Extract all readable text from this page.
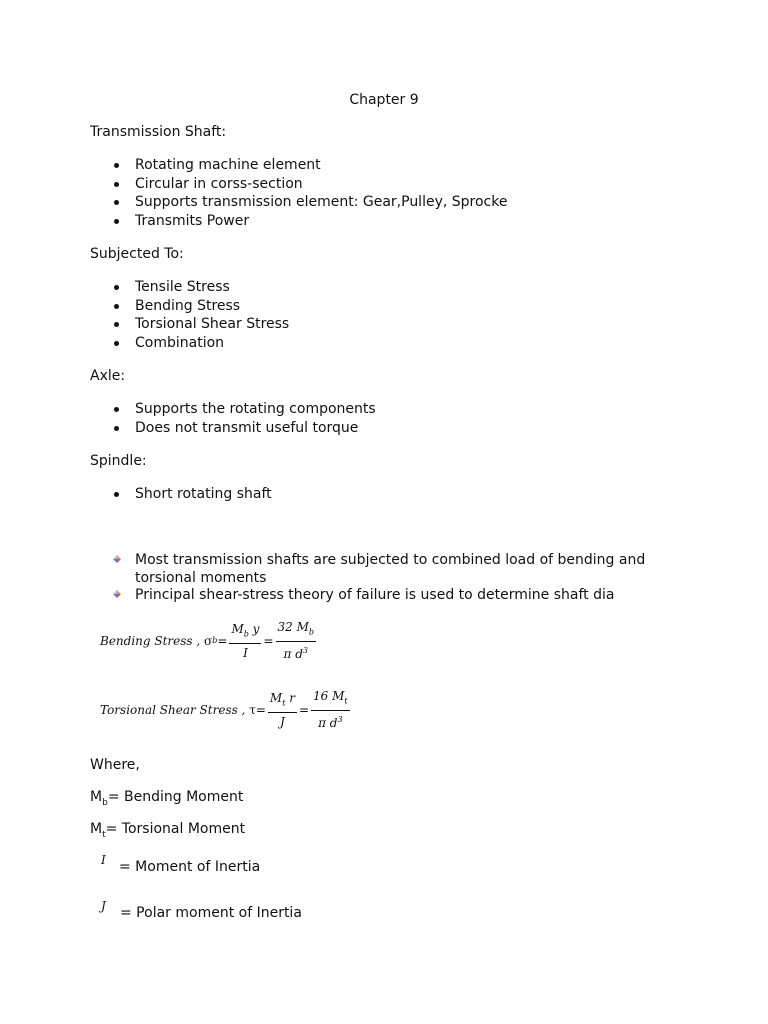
Chapter 9
Transmission Shaft:
Rotating machine element
Circular in corss-section
Supports transmission element: Gear,Pulley, Sprocke
Transmits Power
Subjected To:
Tensile Stress
Bending Stress
Torsional Shear Stress
Combination
Axle:
Supports the rotating components
Does not transmit useful torque
Spindle:
Short rotating shaft
Most transmission shafts are subjected to combined load of bending and torsional moments
Principal shear-stress theory of failure is used to determine shaft dia
Bending Stress ,
σ $b = \frac{M_b y}{I} = \frac{32 M_b}{\pi d^3}$
Torsional Shear Stress ,
$\tau = \frac{M_t r}{J} = \frac{16 M_t}{\pi d^3}$
Where,
$M_b=$ Bending Moment
$M_t=$ Torsional Moment
I = Moment of Inertia
J = Polar moment of Inertia
